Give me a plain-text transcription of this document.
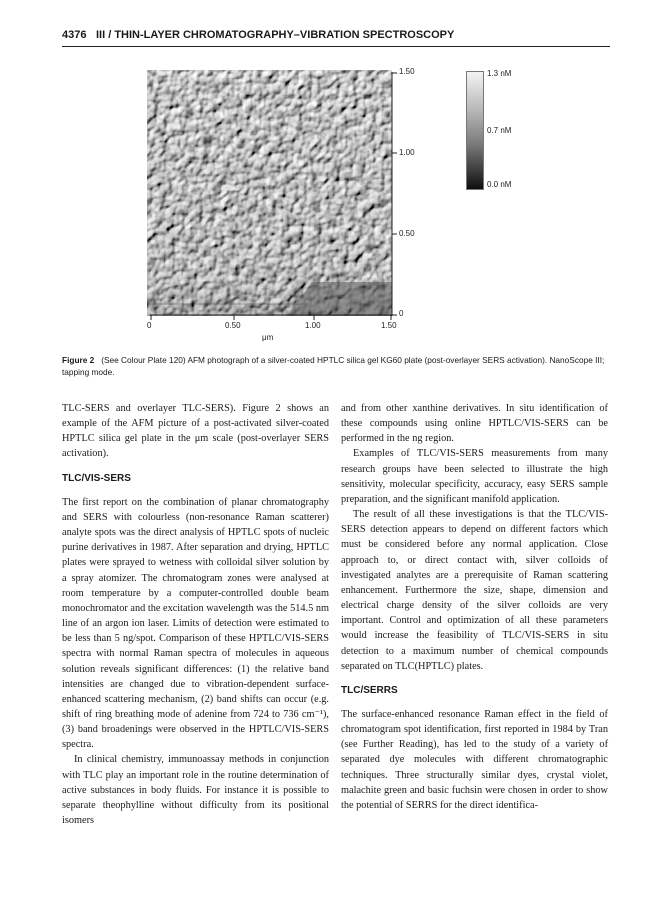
4376 III / THIN-LAYER CHROMATOGRAPHY–VIBRATION SPECTROSCOPY
1.50
1.00
0.50
0
0	0.50	1.00	1.50
μm
1.3 nM
0.7 nM
0.0 nM
Figure 2 (See Colour Plate 120) AFM photograph of a silver-coated HPTLC silica gel KG60 plate (post-overlayer SERS activation). NanoScope III; tapping mode.

TLC-SERS and overlayer TLC-SERS). Figure 2 shows an example of the AFM picture of a post-activated silver-coated HPTLC silica gel plate in the μm scale (post-overlayer SERS activation).

TLC/VIS-SERS

The first report on the combination of planar chromatography and SERS with colourless (non-resonance Raman scatterer) analyte spots was the direct analysis of HPTLC spots of nucleic purine derivatives in 1987. After separation and drying, HPTLC plates were sprayed to wetness with colloidal silver solution by a spray atomizer. The chromatogram zones were analysed at room temperature by a computer-controlled double beam monochromator and the excitation wavelength was the 514.5 nm line of an argon ion laser. Limits of detection were estimated to be less than 5 ng/spot. Comparison of these HPTLC/VIS-SERS spectra with normal Raman spectra of molecules in aqueous solution reveals significant differences: (1) the relative band intensities are changed due to vibration-dependent surface-enhanced scattering mechanism, (2) band shifts can occur (e.g. shift of ring breathing mode of adenine from 724 to 736 cm⁻¹), (3) band broadenings were observed in the HPTLC/VIS-SERS spectra.

In clinical chemistry, immunoassay methods in conjunction with TLC play an important role in the routine determination of active substances in body fluids. For instance it is possible to separate theophylline without difficulty from its positional isomers

and from other xanthine derivatives. In situ identification of these compounds using online HPTLC/VIS-SERS can be performed in the ng region.

Examples of TLC/VIS-SERS measurements from many research groups have been selected to illustrate the high sensitivity, molecular specificity, accuracy, easy SERS sample preparation, and the significant manifold application.

The result of all these investigations is that the TLC/VIS-SERS detection appears to depend on different factors which must be considered before any normal application. Close approach to, or direct contact with, silver colloids of investigated analytes are a prerequisite of Raman scattering enhancement. Furthermore the size, shape, dimension and electrical charge density of the silver colloids are very important. Control and optimization of all these parameters would increase the feasibility of TLC/VIS-SERS in situ detection to a maximum number of chemical compounds separated on TLC(HPTLC) plates.

TLC/SERRS

The surface-enhanced resonance Raman effect in the field of chromatogram spot identification, first reported in 1984 by Tran (see Further Reading), has led to the study of a variety of separated dye molecules with different chromatographic techniques. Three structurally similar dyes, crystal violet, malachite green and basic fuchsin were chosen in order to show the potential of SERRS for the direct identifica-
